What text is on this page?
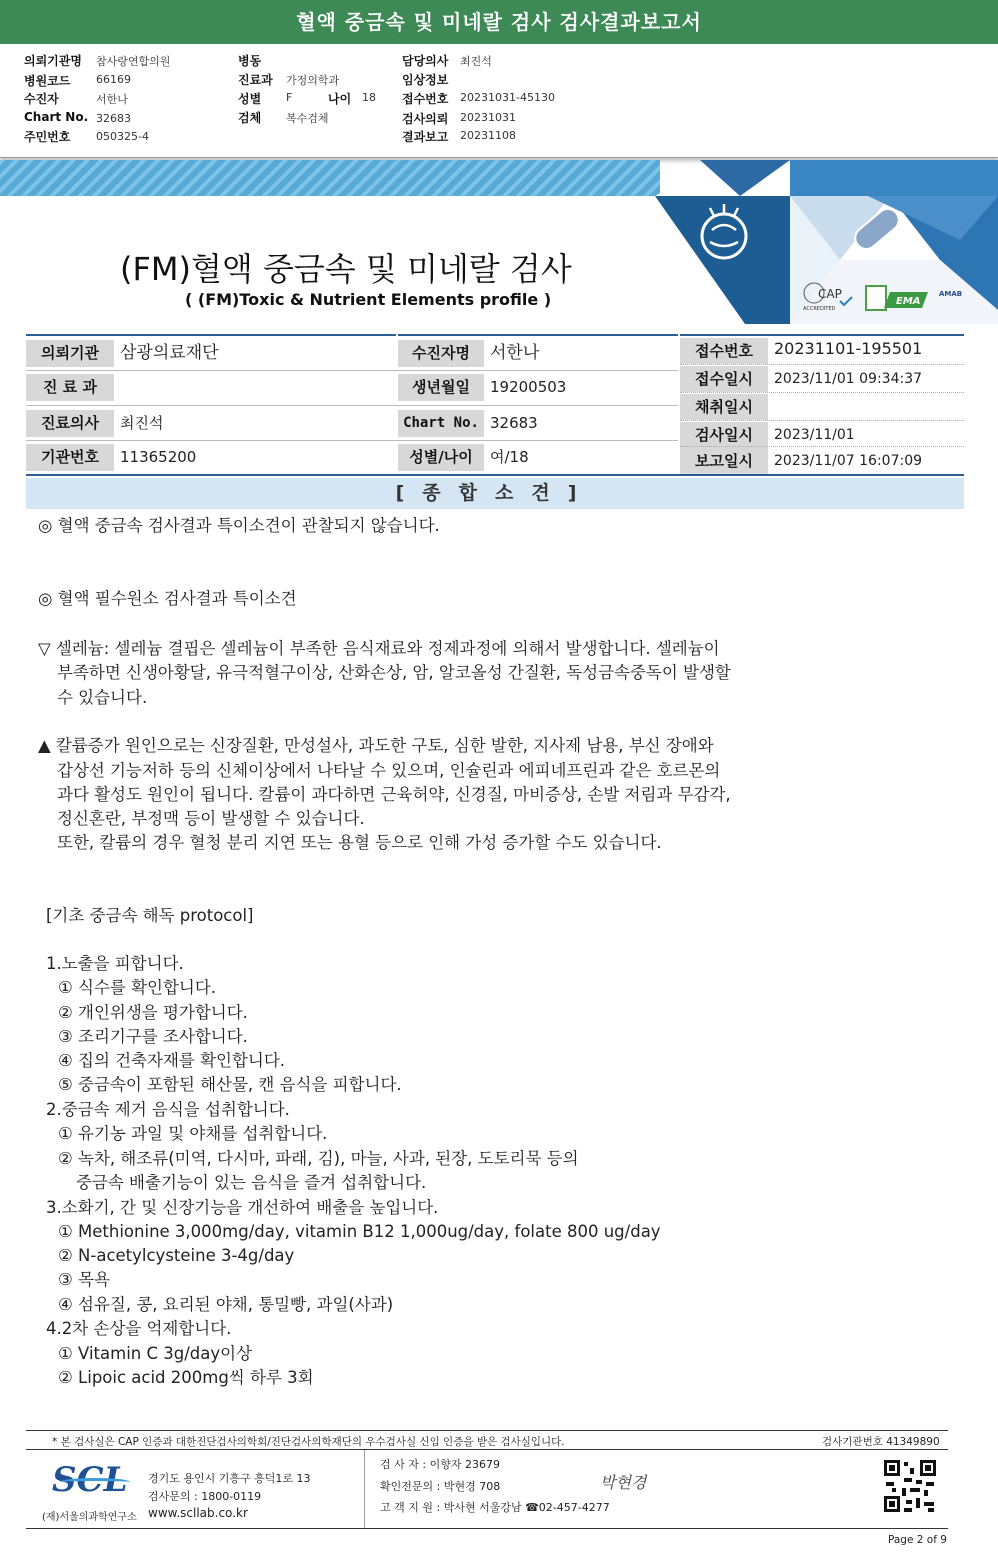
혈액 중금속 및 미네랄 검사 검사결과보고서
의뢰기관명 참사랑연합의원
병원코드 66169
수진자	서한나
Chart No. 32683
주민번호 050325-4
병동
진료과 가정의학과
성별 F	나이 18
검체 복수검체
담당의사 최진석
임상정보
접수번호 20231031-45130
검사의뢰 20231031
결과보고 20231108
CAP
ACCREDITED
EMA
AMAB
(FM)혈액 중금속 및 미네랄 검사
( (FM)Toxic & Nutrient Elements profile )
의뢰기관	삼광의료재단
진 료 과
진료의사	최진석
기관번호	11365200
수진자명	서한나
생년월일	19200503
Chart No. 32683
성별/나이	여/18
접수번호	20231101-195501
접수일시	2023/11/01 09:34:37
채취일시
검사일시	2023/11/01
보고일시	2023/11/07 16:07:09
[종합소견]
◎ 혈액 중금속 검사결과 특이소견이 관찰되지 않습니다.
◎ 혈액 필수원소 검사결과 특이소견
▽ 셀레늄: 셀레늄 결핍은 셀레늄이 부족한 음식재료와 정제과정에 의해서 발생합니다. 셀레늄이
부족하면 신생아황달, 유극적혈구이상, 산화손상, 암, 알코올성 간질환, 독성금속중독이 발생할
수 있습니다.
▲ 칼륨증가 원인으로는 신장질환, 만성설사, 과도한 구토, 심한 발한, 지사제 남용, 부신 장애와
갑상선 기능저하 등의 신체이상에서 나타날 수 있으며, 인슐린과 에피네프린과 같은 호르몬의
과다 활성도 원인이 됩니다. 칼륨이 과다하면 근육허약, 신경질, 마비증상, 손발 저림과 무감각,
정신혼란, 부정맥 등이 발생할 수 있습니다.
또한, 칼륨의 경우 혈청 분리 지연 또는 용혈 등으로 인해 가성 증가할 수도 있습니다.
[기초 중금속 해독 protocol]
1.노출을 피합니다.
① 식수를 확인합니다.
② 개인위생을 평가합니다.
③ 조리기구를 조사합니다.
④ 집의 건축자재를 확인합니다.
⑤ 중금속이 포함된 해산물, 캔 음식을 피합니다.
2.중금속 제거 음식을 섭취합니다.
① 유기농 과일 및 야채를 섭취합니다.
② 녹차, 해조류(미역, 다시마, 파래, 김), 마늘, 사과, 된장, 도토리묵 등의
중금속 배출기능이 있는 음식을 즐겨 섭취합니다.
3.소화기, 간 및 신장기능을 개선하여 배출을 높입니다.
① Methionine 3,000mg/day, vitamin B12 1,000ug/day, folate 800 ug/day
② N-acetylcysteine 3-4g/day
③ 목욕
④ 섬유질, 콩, 요리된 야채, 통밀빵, 과일(사과)
4.2차 손상을 억제합니다.
① Vitamin C 3g/day이상
② Lipoic acid 200mg씩 하루 3회
* 본 검사실은 CAP 인증과 대한진단검사의학회/진단검사의학재단의 우수검사실 신임 인증을 받은 검사실입니다.	검사기관번호 41349890
SCL
(재)서울의과학연구소
경기도 용인시 기흥구 흥덕1로 13
검사문의 : 1800-0119
www.scllab.co.kr
검 사 자 : 이향자 23679
확인전문의 : 박현경 708
고 객 지 원 : 박사현 서울강남 ☎02-457-4277
박현경
Page 2 of 9
